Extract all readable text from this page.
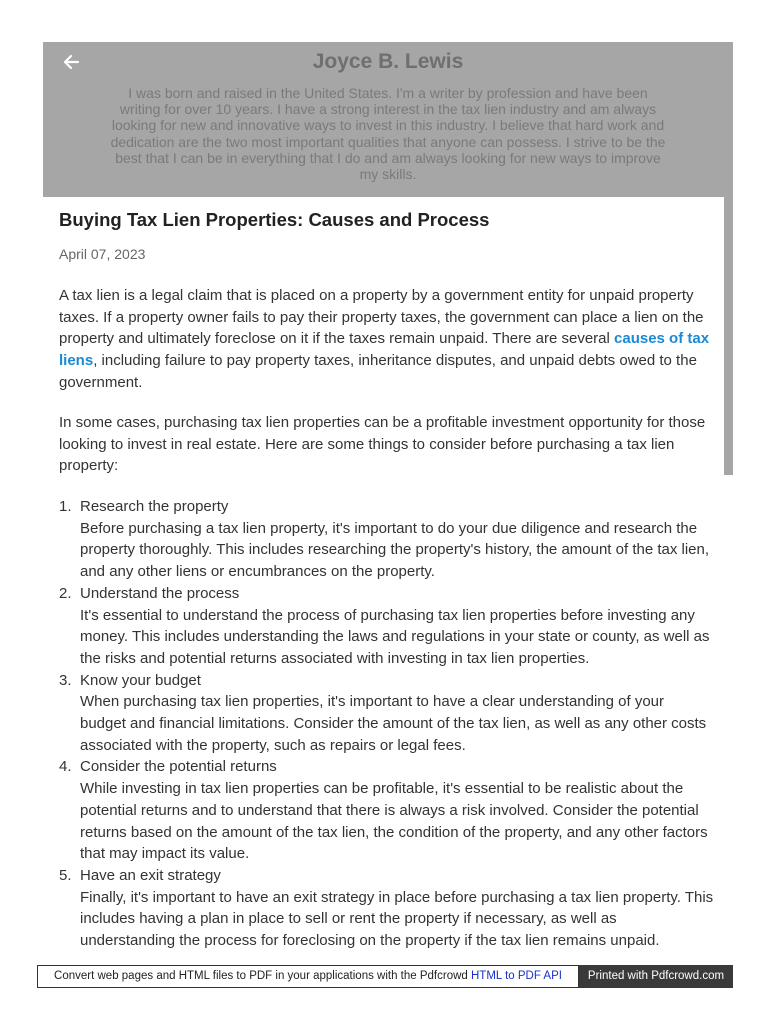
Joyce B. Lewis
I was born and raised in the United States. I'm a writer by profession and have been writing for over 10 years. I have a strong interest in the tax lien industry and am always looking for new and innovative ways to invest in this industry. I believe that hard work and dedication are the two most important qualities that anyone can possess. I strive to be the best that I can be in everything that I do and am always looking for new ways to improve my skills.
Buying Tax Lien Properties: Causes and Process
April 07, 2023

A tax lien is a legal claim that is placed on a property by a government entity for unpaid property taxes. If a property owner fails to pay their property taxes, the government can place a lien on the property and ultimately foreclose on it if the taxes remain unpaid. There are several causes of tax liens, including failure to pay property taxes, inheritance disputes, and unpaid debts owed to the government.

In some cases, purchasing tax lien properties can be a profitable investment opportunity for those looking to invest in real estate. Here are some things to consider before purchasing a tax lien property:

1. Research the property
Before purchasing a tax lien property, it's important to do your due diligence and research the property thoroughly. This includes researching the property's history, the amount of the tax lien, and any other liens or encumbrances on the property.
2. Understand the process
It's essential to understand the process of purchasing tax lien properties before investing any money. This includes understanding the laws and regulations in your state or county, as well as the risks and potential returns associated with investing in tax lien properties.
3. Know your budget
When purchasing tax lien properties, it's important to have a clear understanding of your budget and financial limitations. Consider the amount of the tax lien, as well as any other costs associated with the property, such as repairs or legal fees.
4. Consider the potential returns
While investing in tax lien properties can be profitable, it's essential to be realistic about the potential returns and to understand that there is always a risk involved. Consider the potential returns based on the amount of the tax lien, the condition of the property, and any other factors that may impact its value.
5. Have an exit strategy
Finally, it's important to have an exit strategy in place before purchasing a tax lien property. This includes having a plan in place to sell or rent the property if necessary, as well as understanding the process for foreclosing on the property if the tax lien remains unpaid.
Convert web pages and HTML files to PDF in your applications with the Pdfcrowd HTML to PDF API	Printed with Pdfcrowd.com
